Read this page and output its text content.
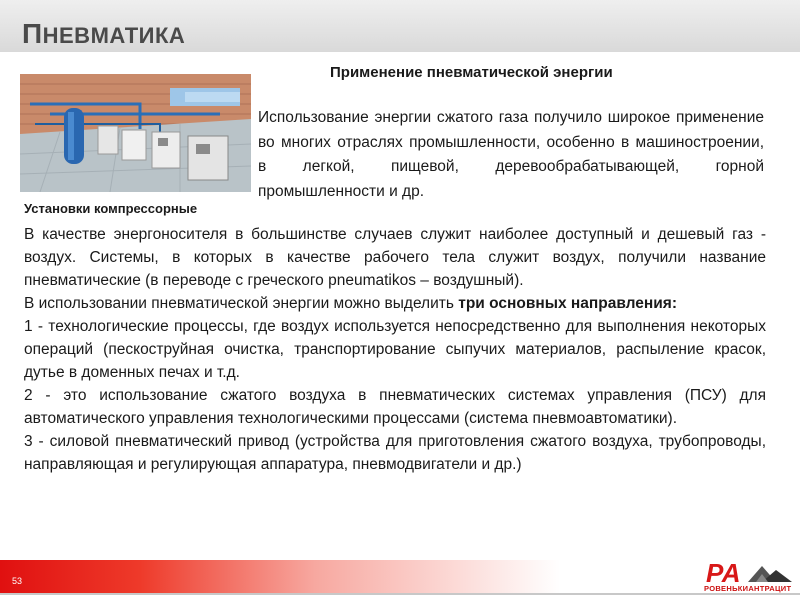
ПНЕВМАТИКА
Применение пневматической энергии
Установки компрессорные
Использование энергии сжатого газа получило широкое применение во многих отраслях промышленности, особенно в машиностроении, в легкой, пищевой, деревообрабатывающей, горной промышленности и др.

В качестве энергоносителя в большинстве случаев служит наиболее доступный и дешевый газ - воздух. Системы, в которых в качестве рабочего тела служит воздух, получили название пневматические (в переводе с греческого pneumatikos – воздушный).

В использовании пневматической энергии можно выделить три основных направления:

1 - технологические процессы, где воздух используется непосредственно для выполнения некоторых операций (пескоструйная очистка, транспортирование сыпучих материалов, распыление красок, дутье в доменных печах и т.д.

2 - это использование сжатого воздуха в пневматических системах управления (ПСУ) для автоматического управления технологическими процессами (система пневмоавтоматики).

3 - силовой пневматический привод (устройства для приготовления сжатого воздуха, трубопроводы, направляющая и регулирующая аппаратура, пневмодвигатели и др.)

53	РА
РОВЕНЬКИАНТРАЦИТ
